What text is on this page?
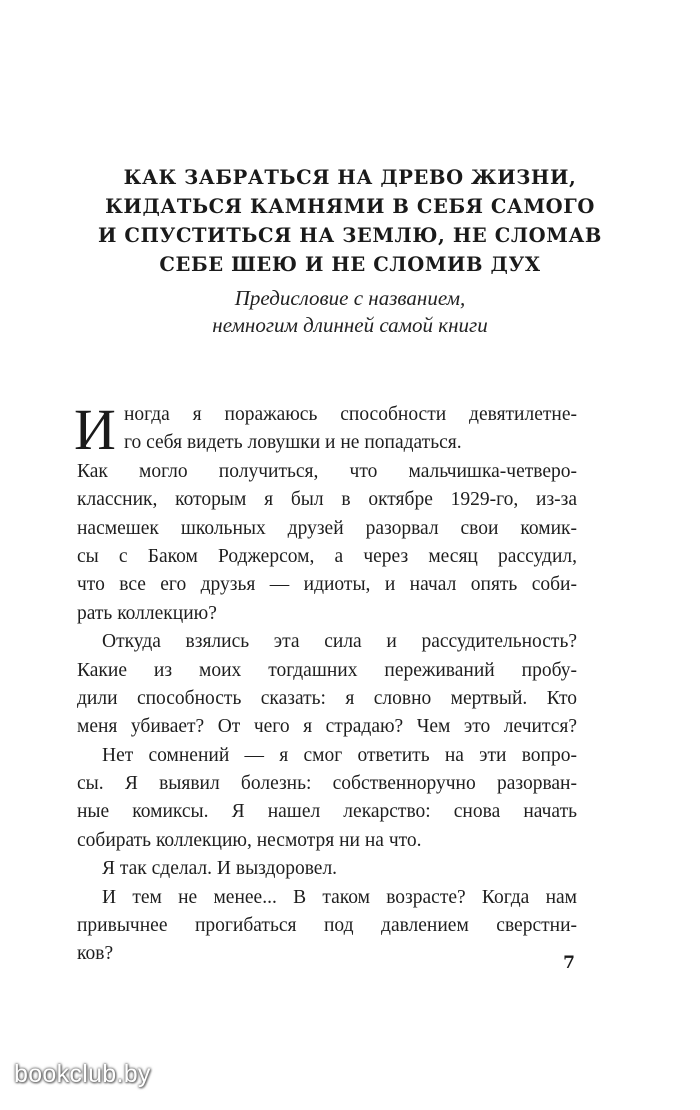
КАК ЗАБРАТЬСЯ НА ДРЕВО ЖИЗНИ,
КИДАТЬСЯ КАМНЯМИ В СЕБЯ САМОГО
И СПУСТИТЬСЯ НА ЗЕМЛЮ, НЕ СЛОМАВ
СЕБЕ ШЕЮ И НЕ СЛОМИВ ДУХ
Предисловие с названием,
немногим длинней самой книги
И ногда я поражаюсь способности девятилетне-
го себя видеть ловушки и не попадаться.
Как могло получиться, что мальчишка-четверо-
классник, которым я был в октябре 1929-го, из-за
насмешек школьных друзей разорвал свои комик-
сы с Баком Роджерсом, а через месяц рассудил,
что все его друзья — идиоты, и начал опять соби-
рать коллекцию?
Откуда взялись эта сила и рассудительность?
Какие из моих тогдашних переживаний пробу-
дили способность сказать: я словно мертвый. Кто
меня убивает? От чего я страдаю? Чем это лечится?
Нет сомнений — я смог ответить на эти вопро-
сы. Я выявил болезнь: собственноручно разорван-
ные комиксы. Я нашел лекарство: снова начать
собирать коллекцию, несмотря ни на что.
Я так сделал. И выздоровел.
И тем не менее... В таком возрасте? Когда нам
привычнее прогибаться под давлением сверстни-
ков?	7
bookclub.by
